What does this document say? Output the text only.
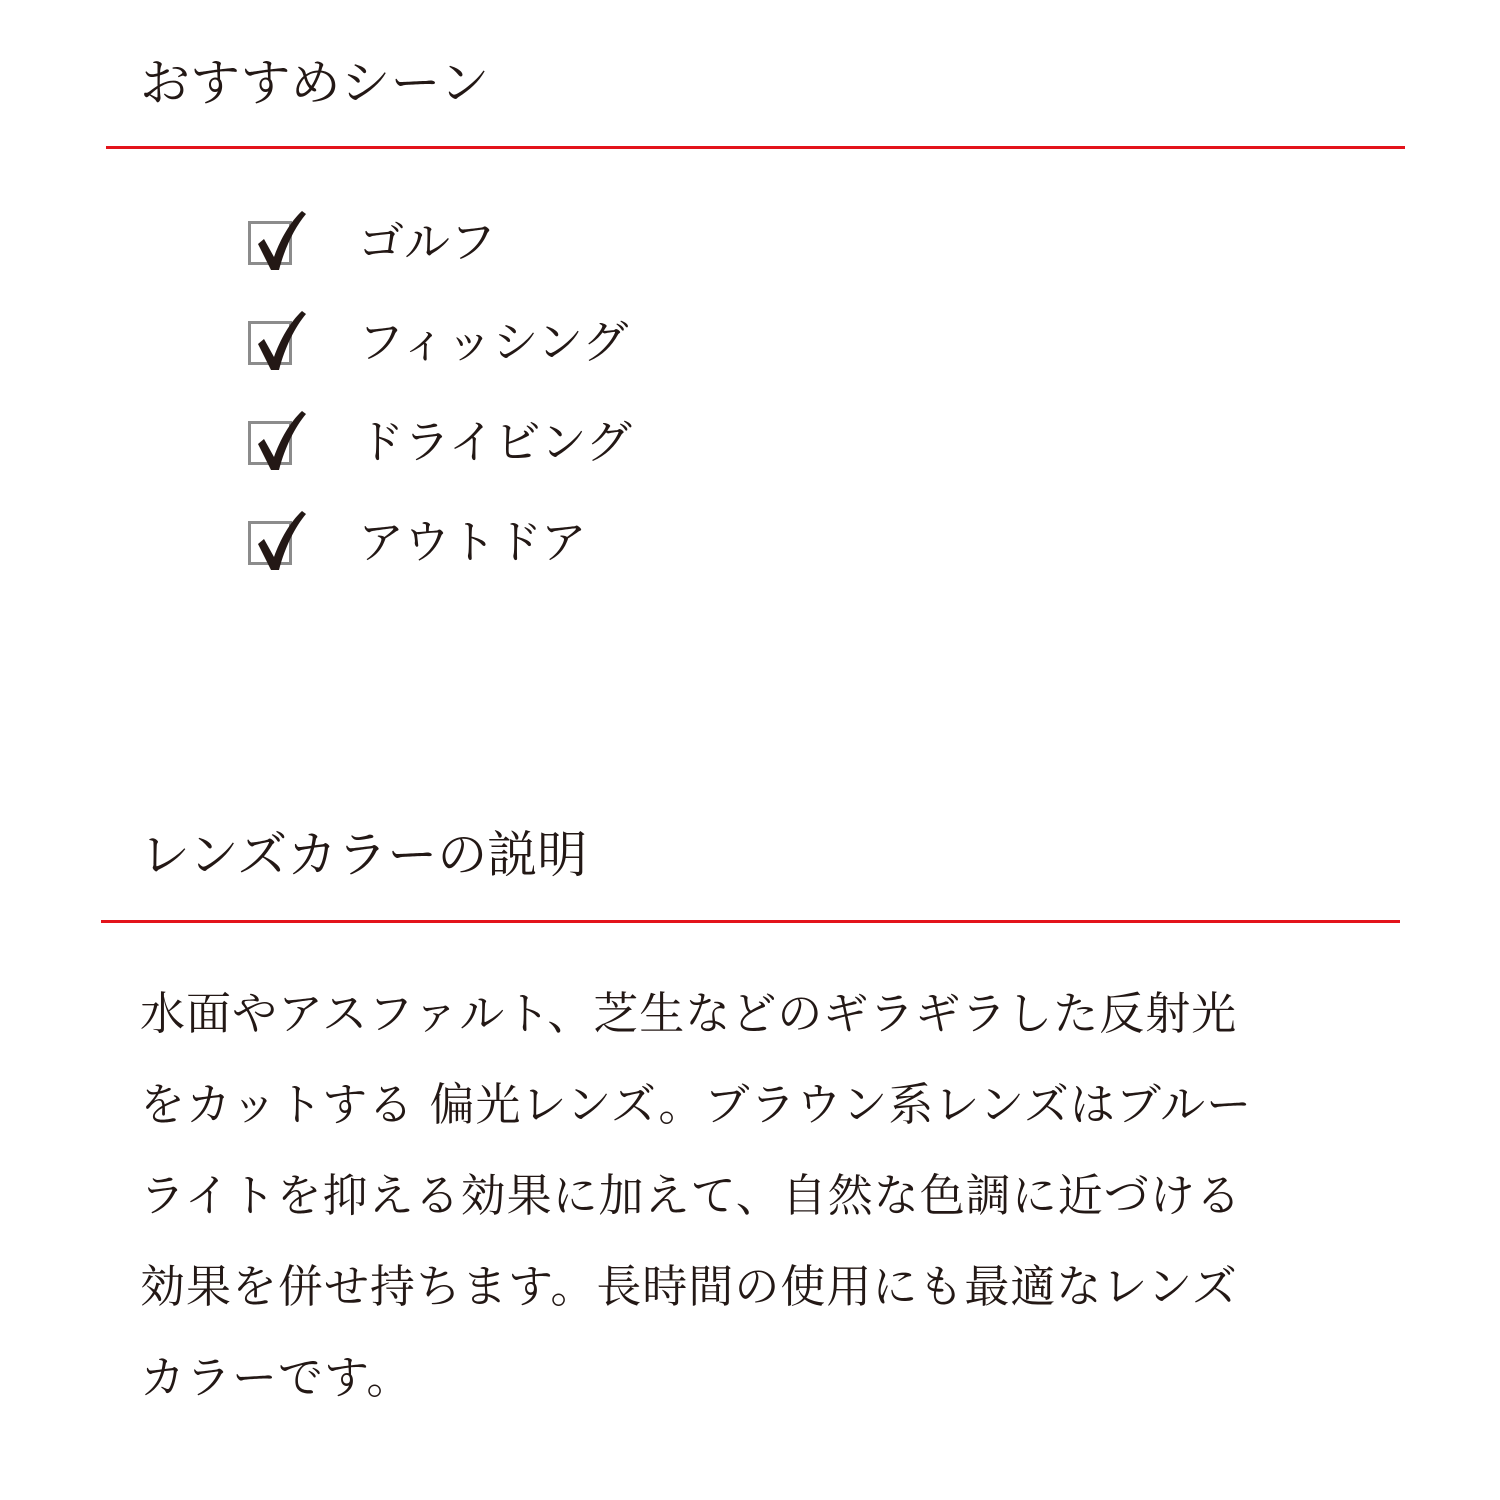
おすすめシーン
ゴルフ
フィッシング
ドライビング
アウトドア
レンズカラーの説明

水面やアスファルト、芝生などのギラギラした反射光
をカットする 偏光レンズ。ブラウン系レンズはブルー
ライトを抑える効果に加えて、自然な色調に近づける
効果を併せ持ちます。長時間の使用にも最適なレンズ
カラーです。
